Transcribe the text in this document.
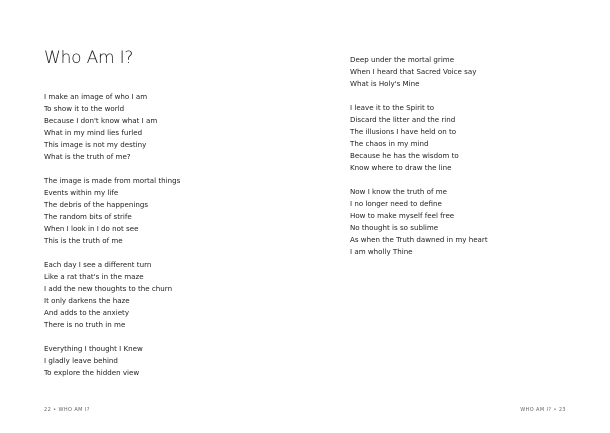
Who Am I?
I make an image of who I am
To show it to the world
Because I don't know what I am
What in my mind lies furled
This image is not my destiny
What is the truth of me?
The image is made from mortal things
Events within my life
The debris of the happenings
The random bits of strife
When I look in I do not see
This is the truth of me
Each day I see a different turn
Like a rat that's in the maze
I add the new thoughts to the churn
It only darkens the haze
And adds to the anxiety
There is no truth in me
Everything I thought I Knew
I gladly leave behind
To explore the hidden view
22 • WHO AM I?
Deep under the mortal grime
When I heard that Sacred Voice say
What is Holy's Mine
I leave it to the Spirit to
Discard the litter and the rind
The illusions I have held on to
The chaos in my mind
Because he has the wisdom to
Know where to draw the line
Now I know the truth of me
I no longer need to define
How to make myself feel free
No thought is so sublime
As when the Truth dawned in my heart
I am wholly Thine
WHO AM I? • 23
